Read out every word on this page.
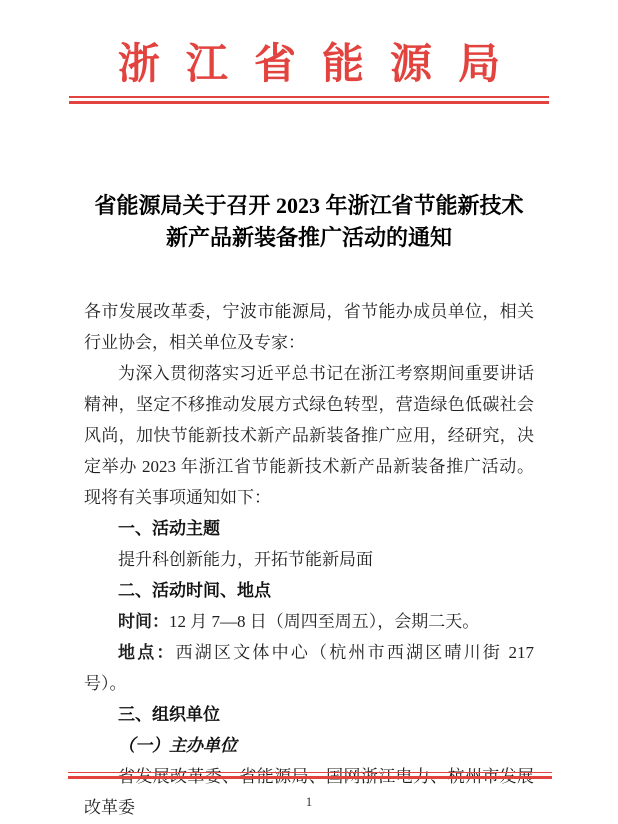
浙江省能源局
省能源局关于召开 2023 年浙江省节能新技术新产品新装备推广活动的通知

各市发展改革委，宁波市能源局，省节能办成员单位，相关行业协会，相关单位及专家：

为深入贯彻落实习近平总书记在浙江考察期间重要讲话精神，坚定不移推动发展方式绿色转型，营造绿色低碳社会风尚，加快节能新技术新产品新装备推广应用，经研究，决定举办 2023 年浙江省节能新技术新产品新装备推广活动。现将有关事项通知如下：

一、活动主题

提升科创新能力，开拓节能新局面

二、活动时间、地点

时间：12 月 7—8 日（周四至周五），会期二天。

地点：西湖区文体中心（杭州市西湖区晴川街 217 号）。

三、组织单位
（一）主办单位

省发展改革委、省能源局、国网浙江电力、杭州市发展改革委	1
